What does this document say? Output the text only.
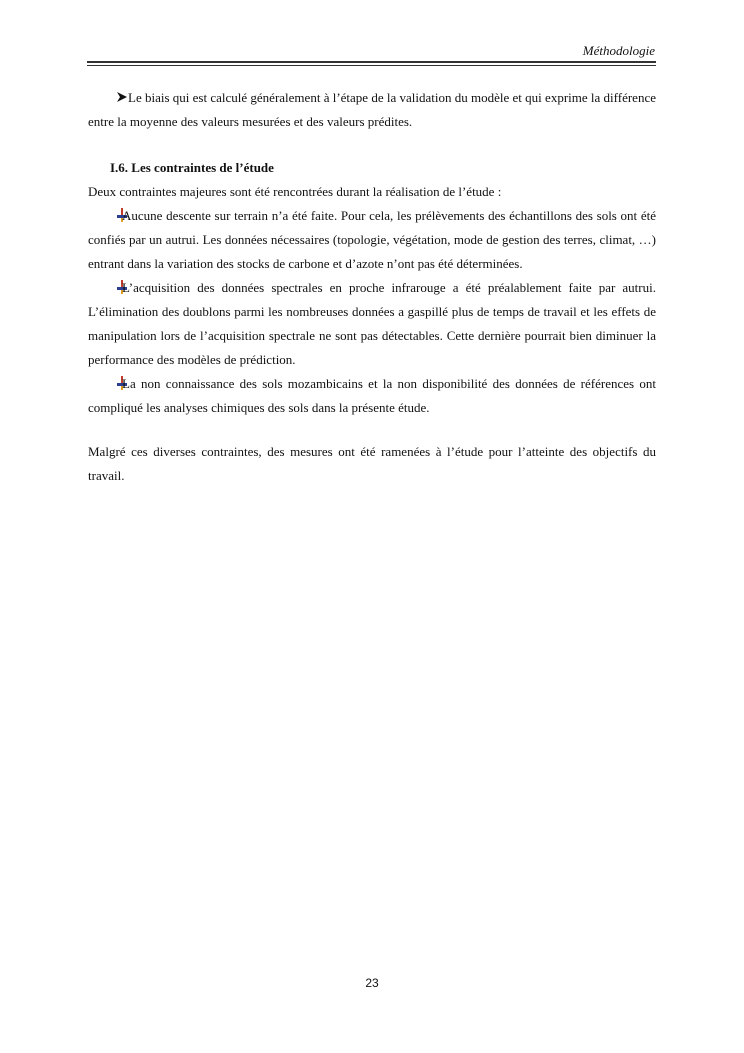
Méthodologie

Le biais qui est calculé généralement à l’étape de la validation du modèle et qui exprime la différence entre la moyenne des valeurs mesurées et des valeurs prédites.

I.6. Les contraintes de l’étude

Deux contraintes majeures sont été rencontrées durant la réalisation de l’étude :

Aucune descente sur terrain n’a été faite. Pour cela, les prélèvements des échantillons des sols ont été confiés par un autrui. Les données nécessaires (topologie, végétation, mode de gestion des terres, climat, …) entrant dans la variation des stocks de carbone et d’azote n’ont pas été déterminées.

L’acquisition des données spectrales en proche infrarouge a été préalablement faite par autrui. L’élimination des doublons parmi les nombreuses données a gaspillé plus de temps de travail et les effets de manipulation lors de l’acquisition spectrale ne sont pas détectables. Cette dernière pourrait bien diminuer la performance des modèles de prédiction.

La non connaissance des sols mozambicains et la non disponibilité des données de références ont compliqué les analyses chimiques des sols dans la présente étude.

Malgré ces diverses contraintes, des mesures ont été ramenées à l’étude pour l’atteinte des objectifs du travail.

23
